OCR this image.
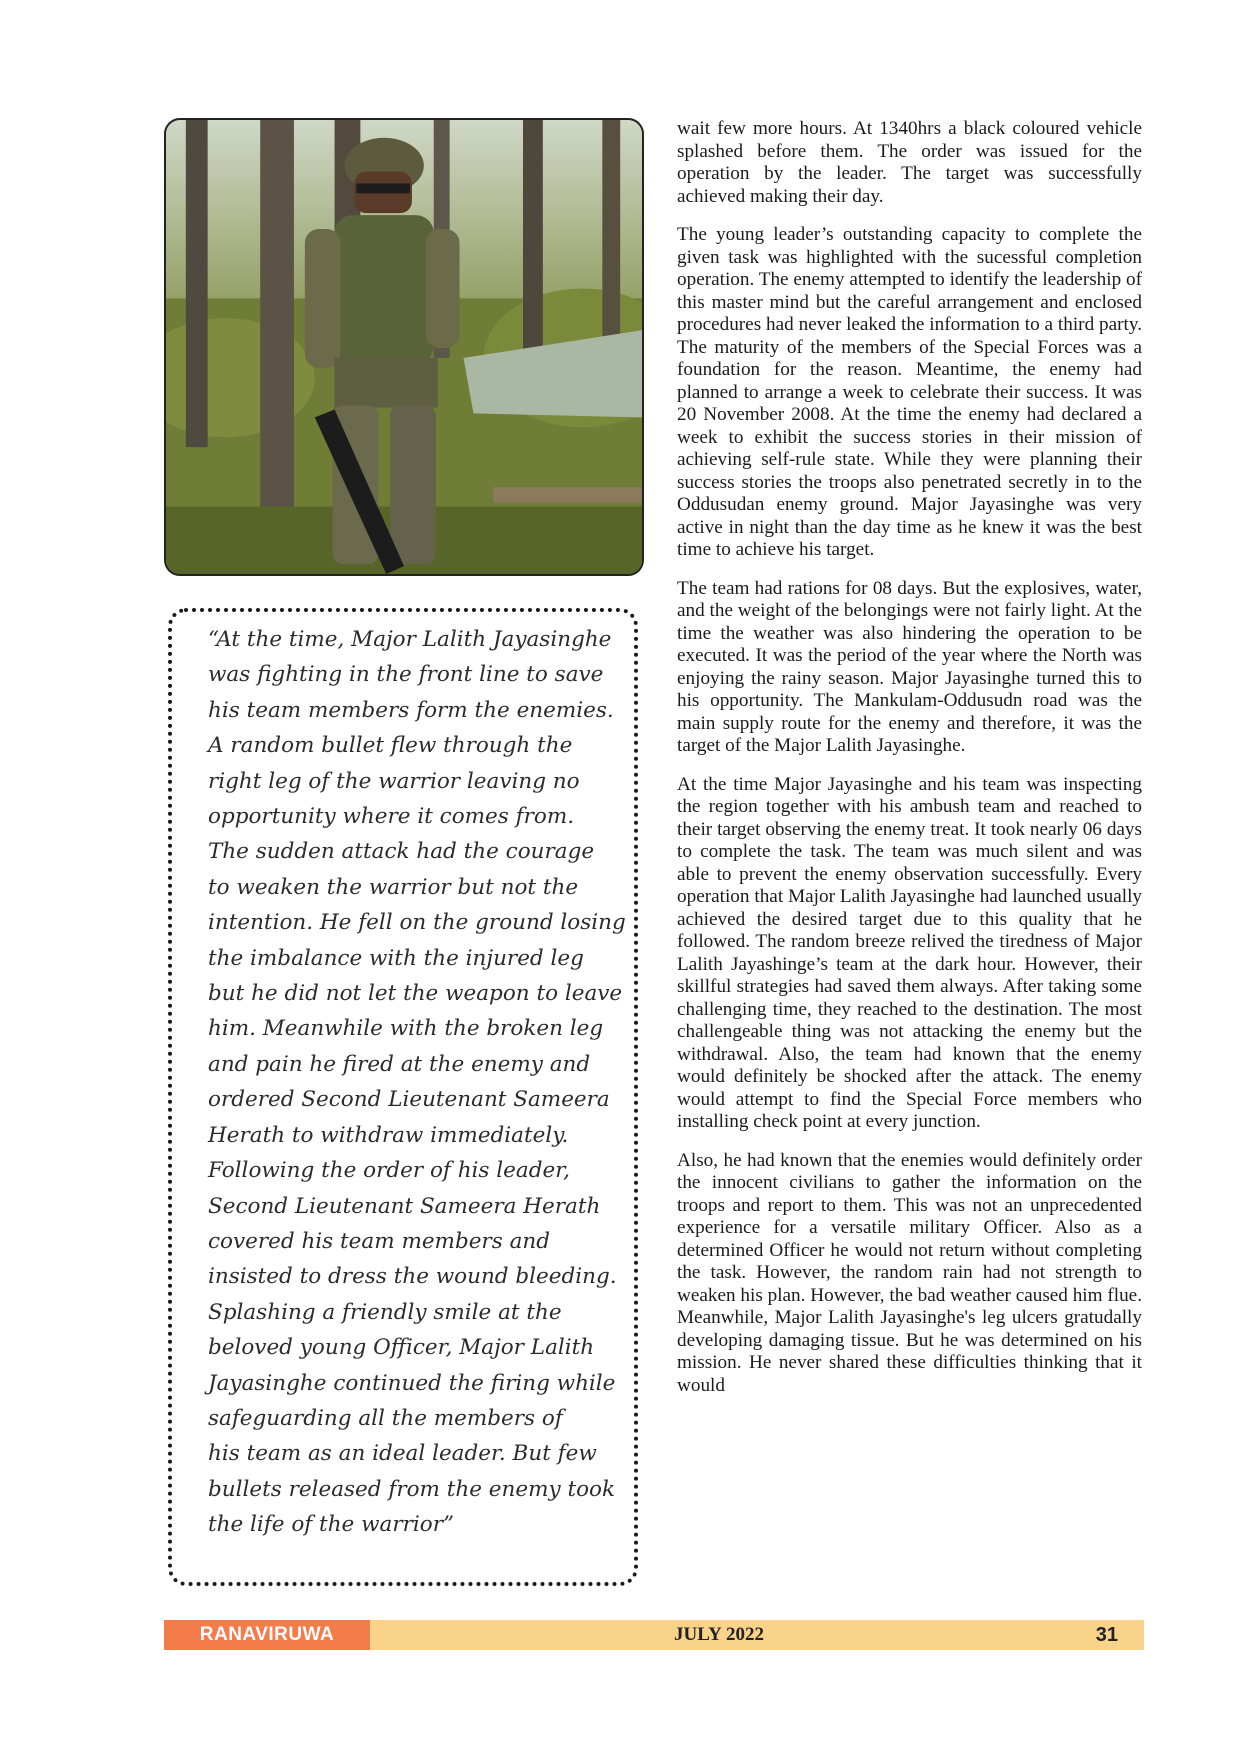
“At the time, Major Lalith Jayasinghe
was fighting in the front line to save
his team members form the enemies.
A random bullet flew through the
right leg of the warrior leaving no
opportunity where it comes from.
The sudden attack had the courage
to weaken the warrior but not the
intention. He fell on the ground losing
the imbalance with the injured leg
but he did not let the weapon to leave
him. Meanwhile with the broken leg
and pain he fired at the enemy and
ordered Second Lieutenant Sameera
Herath to withdraw immediately.
Following the order of his leader,
Second Lieutenant Sameera Herath
covered his team members and
insisted to dress the wound bleeding.
Splashing a friendly smile at the
beloved young Officer, Major Lalith
Jayasinghe continued the firing while
safeguarding all the members of
his team as an ideal leader. But few
bullets released from the enemy took
the life of the warrior”

wait few more hours. At 1340hrs a black coloured vehicle splashed before them. The order was issued for the operation by the leader. The target was successfully achieved making their day.

The young leader’s outstanding capacity to complete the given task was highlighted with the sucessful completion operation. The enemy attempted to identify the leadership of this master mind but the careful arrangement and enclosed procedures had never leaked the information to a third party. The maturity of the members of the Special Forces was a foundation for the reason. Meantime, the enemy had planned to arrange a week to celebrate their success. It was 20 November 2008. At the time the enemy had declared a week to exhibit the success stories in their mission of achieving self-rule state. While they were planning their success stories the troops also penetrated secretly in to the Oddusudan enemy ground. Major Jayasinghe was very active in night than the day time as he knew it was the best time to achieve his target.

The team had rations for 08 days. But the explosives, water, and the weight of the belongings were not fairly light. At the time the weather was also hindering the operation to be executed. It was the period of the year where the North was enjoying the rainy season. Major Jayasinghe turned this to his opportunity. The Mankulam-Oddusudn road was the main supply route for the enemy and therefore, it was the target of the Major Lalith Jayasinghe.

At the time Major Jayasinghe and his team was inspecting the region together with his ambush team and reached to their target observing the enemy treat. It took nearly 06 days to complete the task. The team was much silent and was able to prevent the enemy observation successfully. Every operation that Major Lalith Jayasinghe had launched usually achieved the desired target due to this quality that he followed. The random breeze relived the tiredness of Major Lalith Jayashinge’s team at the dark hour. However, their skillful strategies had saved them always. After taking some challenging time, they reached to the destination. The most challengeable thing was not attacking the enemy but the withdrawal. Also, the team had known that the enemy would definitely be shocked after the attack. The enemy would attempt to find the Special Force members who installing check point at every junction.

Also, he had known that the enemies would definitely order the innocent civilians to gather the information on the troops and report to them. This was not an unprecedented experience for a versatile military Officer. Also as a determined Officer he would not return without completing the task. However, the random rain had not strength to weaken his plan. However, the bad weather caused him flue. Meanwhile, Major Lalith Jayasinghe's leg ulcers gratudally developing damaging tissue. But he was determined on his mission. He never shared these difficulties thinking that it would

RANAVIRUWA	JULY 2022	31
